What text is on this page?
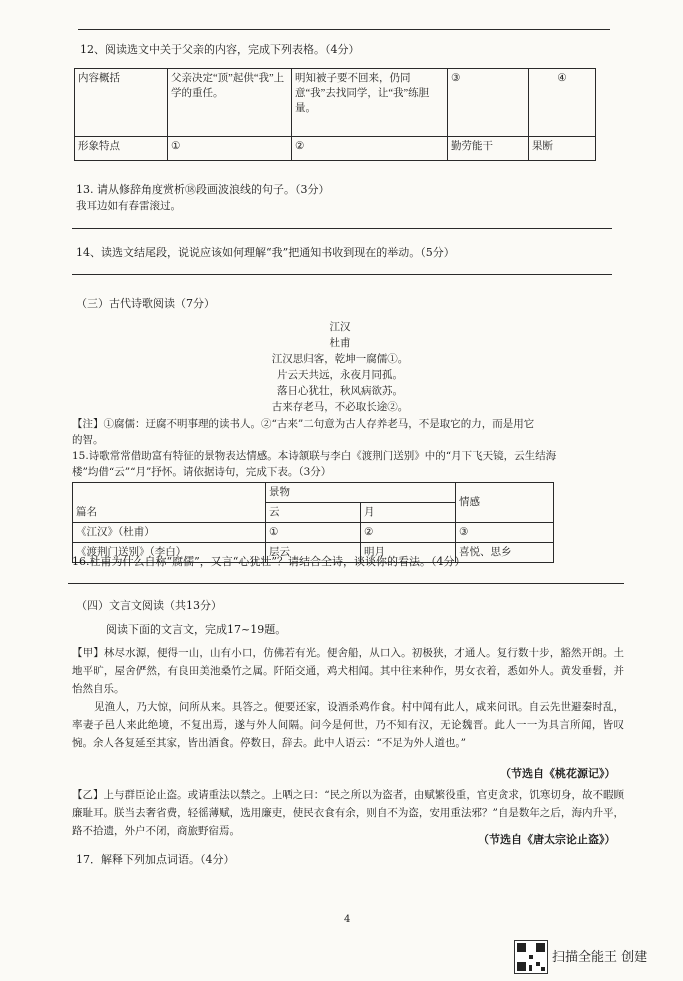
12、阅读选文中关于父亲的内容，完成下列表格。（4分）
内容概括	父亲决定“顶”起供“我”上学的重任。	明知被子要不回来，仍同意“我”去找同学，让“我”练胆量。	③	④
形象特点	①	②	勤劳能干	果断
13. 请从修辞角度赏析⑱段画波浪线的句子。（3分）
我耳边如有春雷滚过。
14、读选文结尾段，说说应该如何理解“我”把通知书收到现在的举动。（5分）
（三）古代诗歌阅读（7分）
江汉
杜甫
江汉思归客，乾坤一腐儒①。
片云天共远，永夜月同孤。
落日心犹壮，秋风病欲苏。
古来存老马，不必取长途②。
【注】①腐儒：迂腐不明事理的读书人。②“古来”二句意为古人存养老马，不是取它的力，而是用它
的智。
15.诗歌常常借助富有特征的景物表达情感。本诗颔联与李白《渡荆门送别》中的“月下飞天镜，云生结海
楼”均借“云”“月”抒怀。请依据诗句，完成下表。（3分）
篇名	景物		情感
	云	月	
《江汉》（杜甫）	①	②	③
《渡荆门送别》（李白）	层云	明月	喜悦、思乡
16.杜甫为什么自称“腐儒”，又言“心犹壮”？请结合全诗，谈谈你的看法。（4分）
（四）文言文阅读（共13分）
阅读下面的文言文，完成17~19题。
【甲】林尽水源，便得一山，山有小口，仿佛若有光。便舍船，从口入。初极狭，才通人。复行数十步，豁然开朗。土地平旷，屋舍俨然，有良田美池桑竹之属。阡陌交通，鸡犬相闻。其中往来种作，男女衣着，悉如外人。黄发垂髫，并怡然自乐。
见渔人，乃大惊，问所从来。具答之。便要还家，设酒杀鸡作食。村中闻有此人，咸来问讯。自云先世避秦时乱，率妻子邑人来此绝境，不复出焉，遂与外人间隔。问今是何世，乃不知有汉，无论魏晋。此人一一为具言所闻，皆叹惋。余人各复延至其家，皆出酒食。停数日，辞去。此中人语云：“不足为外人道也。”
（节选自《桃花源记》）
【乙】上与群臣论止盗。或请重法以禁之。上哂之曰：“民之所以为盗者，由赋繁役重，官吏贪求，饥寒切身，故不暇顾廉耻耳。朕当去奢省费，轻徭薄赋，选用廉吏，使民衣食有余，则自不为盗，安用重法邪？”自是数年之后，海内升平，路不拾遗，外户不闭，商旅野宿焉。
（节选自《唐太宗论止盗》）
17．解释下列加点词语。（4分）
4
扫描全能王 创建
